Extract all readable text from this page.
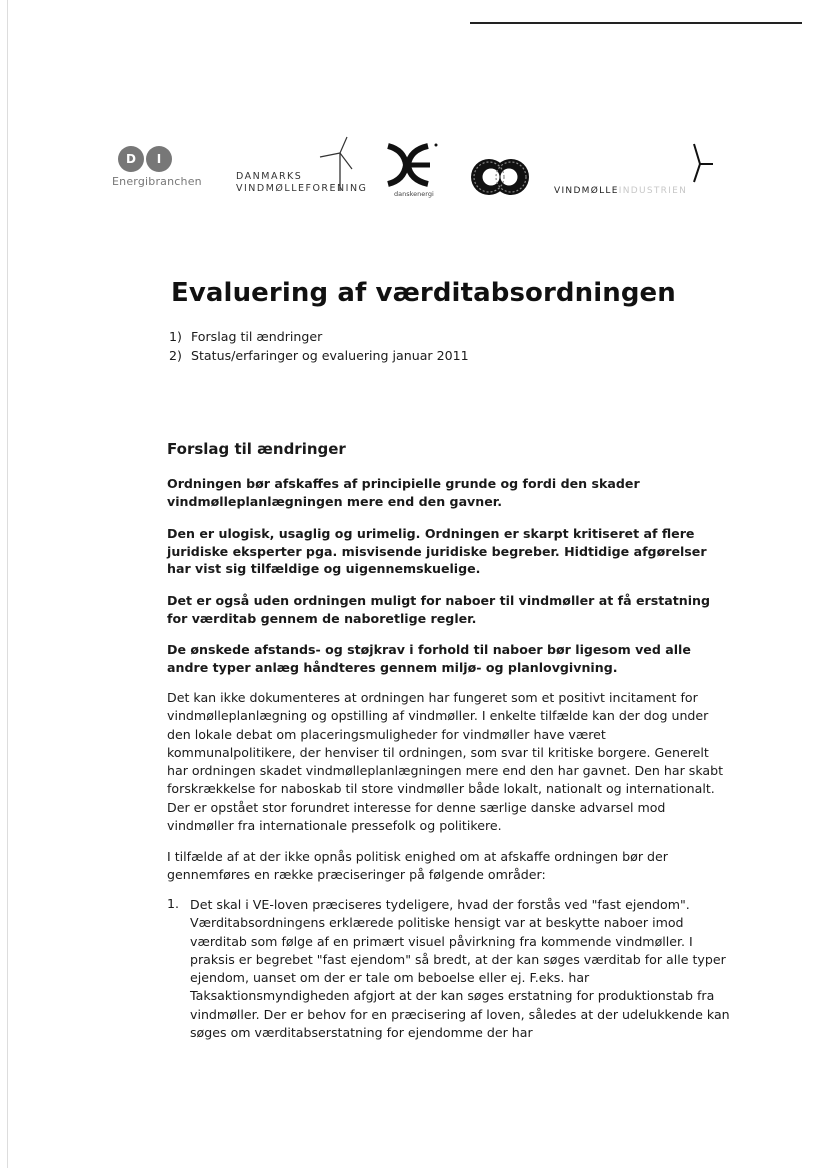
D	I
Energibranchen	DANMARKS
VINDMØLLEFORENING	danskenergi	VINDMØLLEINDUSTRIEN
Evaluering af værditabsordningen
1) Forslag til ændringer
2) Status/erfaringer og evaluering januar 2011
Forslag til ændringer

Ordningen bør afskaffes af principielle grunde og fordi den skader vindmølleplanlægningen mere end den gavner.

Den er ulogisk, usaglig og urimelig. Ordningen er skarpt kritiseret af flere juridiske eksperter pga. misvisende juridiske begreber. Hidtidige afgørelser har vist sig tilfældige og uigennemskuelige.

Det er også uden ordningen muligt for naboer til vindmøller at få erstatning for værditab gennem de naboretlige regler.

De ønskede afstands- og støjkrav i forhold til naboer bør ligesom ved alle andre typer anlæg håndteres gennem miljø- og planlovgivning.

Det kan ikke dokumenteres at ordningen har fungeret som et positivt incitament for vindmølleplanlægning og opstilling af vindmøller. I enkelte tilfælde kan der dog under den lokale debat om placeringsmuligheder for vindmøller have været kommunalpolitikere, der henviser til ordningen, som svar til kritiske borgere. Generelt har ordningen skadet vindmølleplanlægningen mere end den har gavnet. Den har skabt forskrækkelse for naboskab til store vindmøller både lokalt, nationalt og internationalt. Der er opstået stor forundret interesse for denne særlige danske advarsel mod vindmøller fra internationale pressefolk og politikere.

I tilfælde af at der ikke opnås politisk enighed om at afskaffe ordningen bør der gennemføres en række præciseringer på følgende områder:

1. Det skal i VE-loven præciseres tydeligere, hvad der forstås ved "fast ejendom". Værditabsordningens erklærede politiske hensigt var at beskytte naboer imod værditab som følge af en primært visuel påvirkning fra kommende vindmøller. I praksis er begrebet "fast ejendom" så bredt, at der kan søges værditab for alle typer ejendom, uanset om der er tale om beboelse eller ej. F.eks. har Taksaktionsmyndigheden afgjort at der kan søges erstatning for produktionstab fra vindmøller. Der er behov for en præcisering af loven, således at der udelukkende kan søges om værditabserstatning for ejendomme der har
